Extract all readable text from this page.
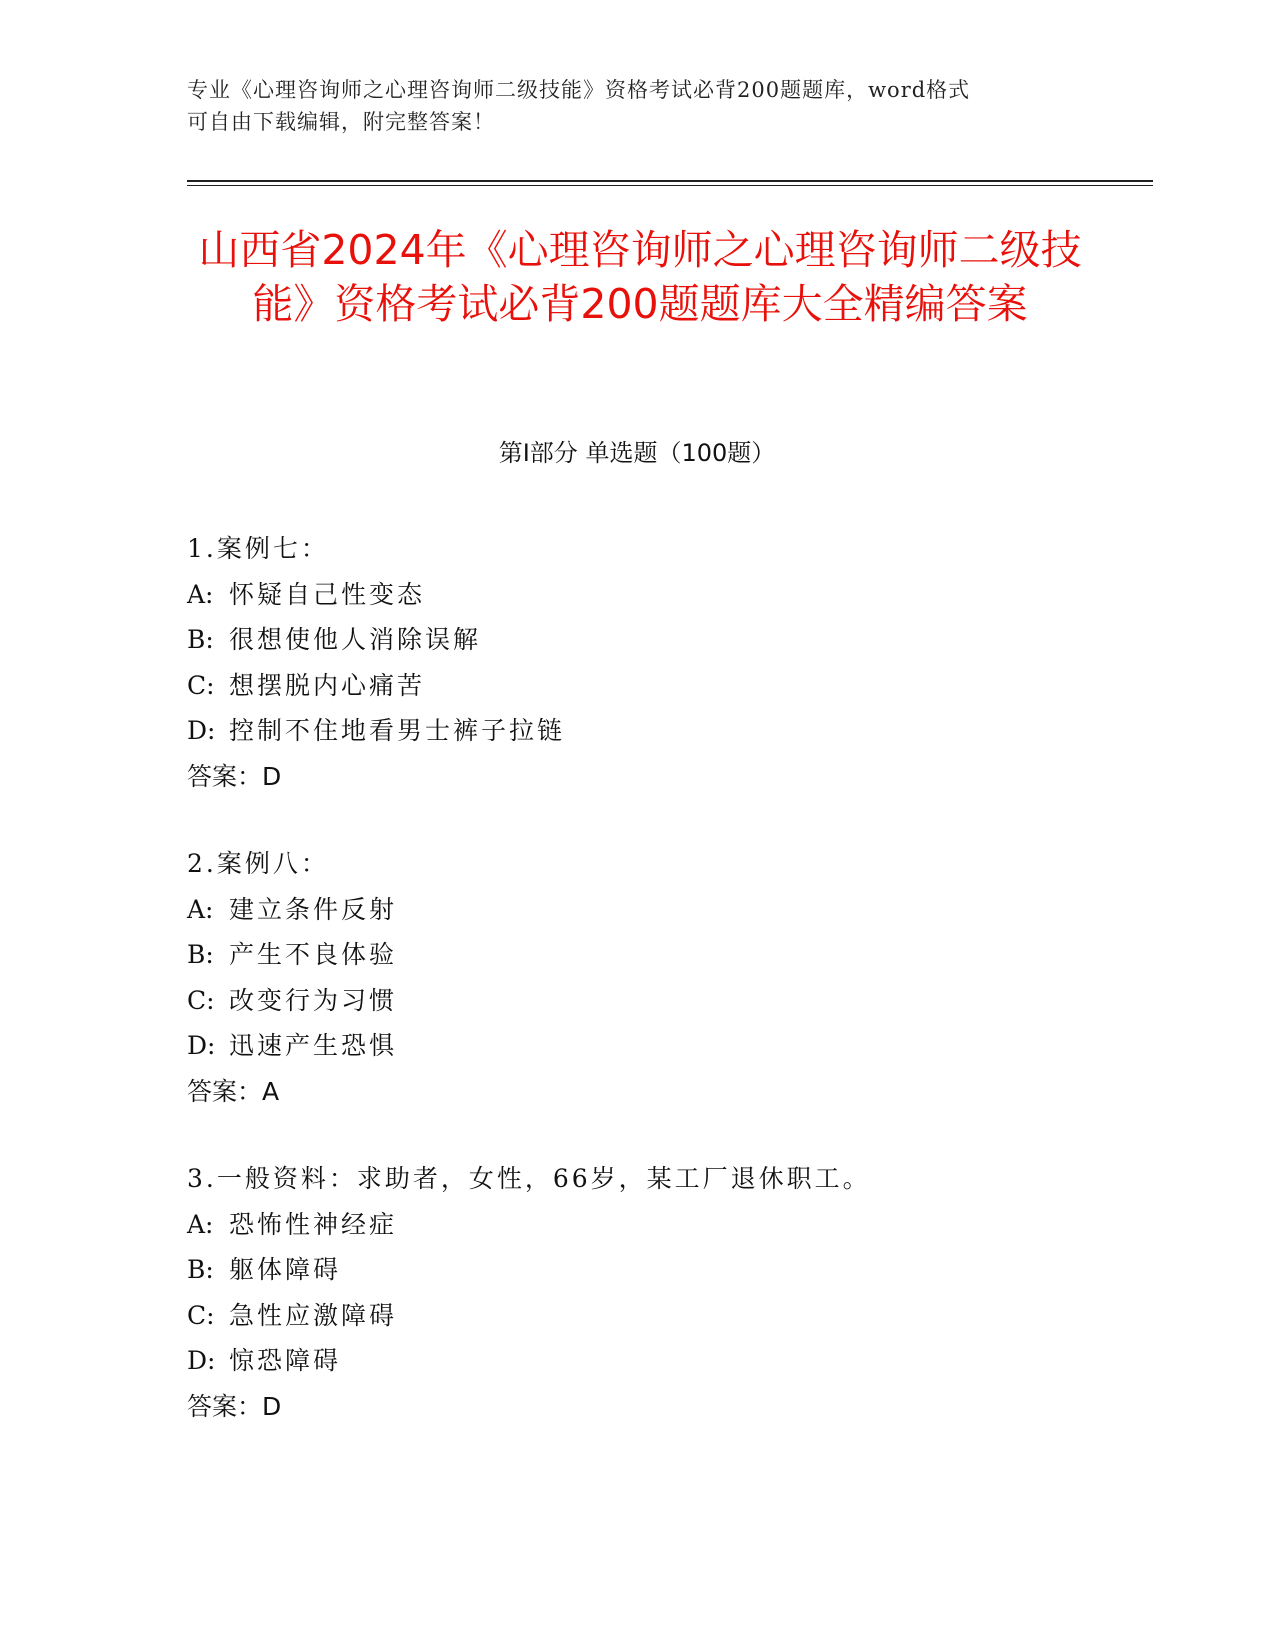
专业《心理咨询师之心理咨询师二级技能》资格考试必背200题题库，word格式
可自由下载编辑，附完整答案！
山西省2024年《心理咨询师之心理咨询师二级技能》资格考试必背200题题库大全精编答案
第I部分 单选题（100题）
1.案例七：
A: 怀疑自己性变态
B: 很想使他人消除误解
C: 想摆脱内心痛苦
D: 控制不住地看男士裤子拉链
答案：D
2.案例八：
A: 建立条件反射
B: 产生不良体验
C: 改变行为习惯
D: 迅速产生恐惧
答案：A
3.一般资料：求助者，女性，66岁，某工厂退休职工。
A: 恐怖性神经症
B: 躯体障碍
C: 急性应激障碍
D: 惊恐障碍
答案：D
